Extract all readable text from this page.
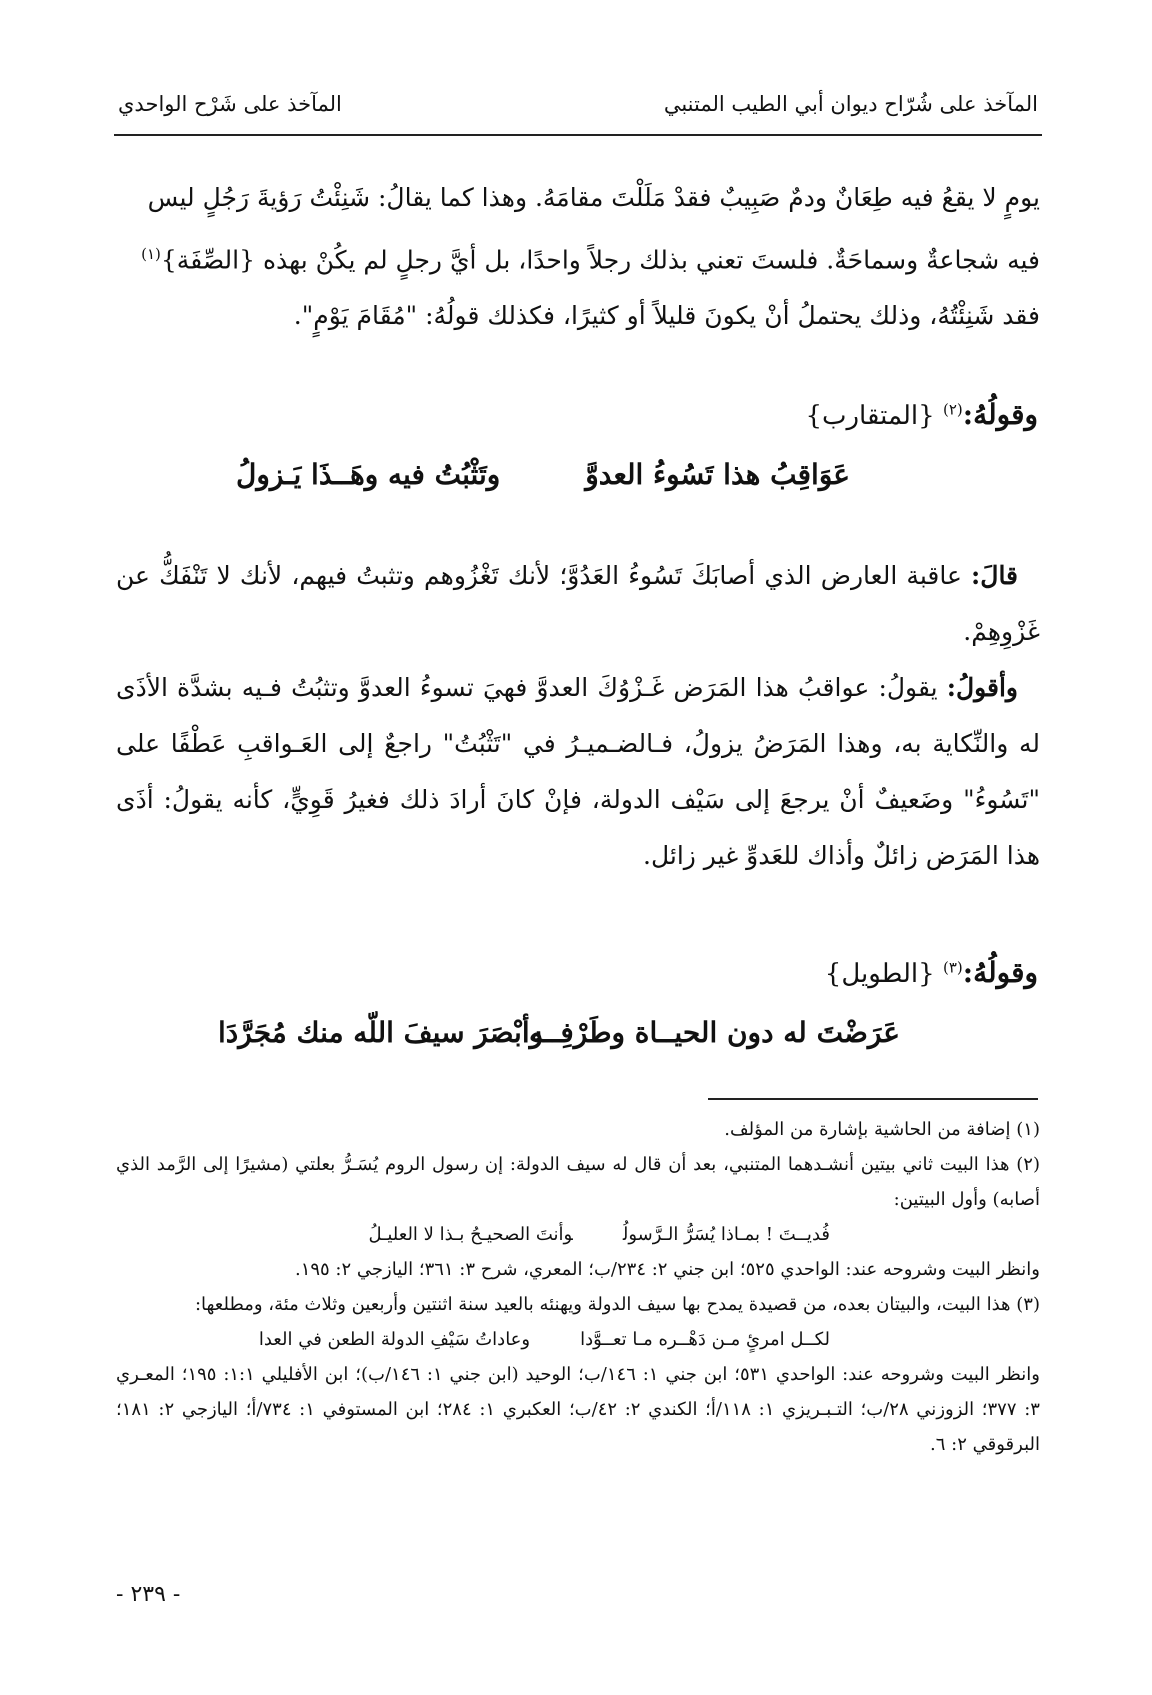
المآخذ على شُرّاح ديوان أبي الطيب المتنبي
المآخذ على شَرْح الواحدي

يومٍ لا يقعُ فيه طِعَانٌ ودمٌ صَبِيبٌ فقدْ مَلَلْتَ مقامَهُ. وهذا كما يقالُ: شَنِئْتُ رَؤيةَ رَجُلٍ ليس

فيه شجاعةٌ وسماحَةٌ. فلستَ تعني بذلك رجلاً واحدًا، بل أيَّ رجلٍ لم يكُنْ بهذه {الصِّفَة}$^{(١)}$

فقد شَنِئْتُهُ، وذلك يحتملُ أنْ يكونَ قليلاً أو كثيرًا، فكذلك قولُهُ: "مُقَامَ يَوْمٍ".

وقولُهُ:$^{(٢)}$ {المتقارب}
عَوَاقِبُ هذا تَسُوءُ العدوَّ
وتَثْبُتُ فيه وهَــذَا يَـزولُ

قالَ: عاقبة العارض الذي أصابَكَ تَسُوءُ العَدُوَّ؛ لأنك تَغْزُوهم وتثبتُ فيهم، لأنك لا تَنْفَكُّ عن غَزْوِهِمْ.

وأقولُ: يقولُ: عواقبُ هذا المَرَض غَـزْوُكَ العدوَّ فهيَ تسوءُ العدوَّ وتثبُتُ فـيه بشدَّة الأذَى له والنِّكاية به، وهذا المَرَضُ يزولُ، فـالضـميـرُ في "تَثْبُتُ" راجعٌ إلى العَـواقبِ عَطْفًا على "تَسُوءُ" وضَعيفٌ أنْ يرجعَ إلى سَيْف الدولة، فإنْ كانَ أرادَ ذلك فغيرُ قَوِيٍّ، كأنه يقولُ: أذَى هذا المَرَض زائلٌ وأذاك للعَدوِّ غير زائل.

وقولُهُ:$^{(٣)}$ {الطويل}
عَرَضْتَ له دون الحيــاة وطَرْفِــه
وأبْصَرَ سيفَ اللّه منك مُجَرَّدَا

(١) إضافة من الحاشية بإشارة من المؤلف.

(٢) هذا البيت ثاني بيتين أنشـدهما المتنبي، بعد أن قال له سيف الدولة: إن رسول الروم يُسَـرُّ بعلتي (مشيرًا إلى الرَّمد الذي أصابه) وأول البيتين:

فُديــتَ ! بمـاذا يُسَرُّ الـرَّسولُوأنتَ الصحيـحُ بـذا لا العليـلُ

وانظر البيت وشروحه عند: الواحدي ٥٢٥؛ ابن جني ٢: ٢٣٤/ب؛ المعري، شرح ٣: ٣٦١؛ اليازجي ٢: ١٩٥.

(٣) هذا البيت، والبيتان بعده، من قصيدة يمدح بها سيف الدولة ويهنئه بالعيد سنة اثنتين وأربعين وثلاث مئة، ومطلعها:

لكــل امرئٍ مـن دَهْــره مـا تعــوَّداوعاداتُ سَيْفِ الدولة الطعن في العدا

وانظر البيت وشروحه عند: الواحدي ٥٣١؛ ابن جني ١: ١٤٦/ب؛ الوحيد (ابن جني ١: ١٤٦/ب)؛ ابن الأفليلي ١:١: ١٩٥؛ المعـري ٣: ٣٧٧؛ الزوزني ٢٨/ب؛ التـبـريزي ١: ١١٨/أ؛ الكندي ٢: ٤٢/ب؛ العكبري ١: ٢٨٤؛ ابن المستوفي ١: ٧٣٤/أ؛ اليازجي ٢: ١٨١؛ البرقوقي ٢: ٦.

- ٢٣٩ -
